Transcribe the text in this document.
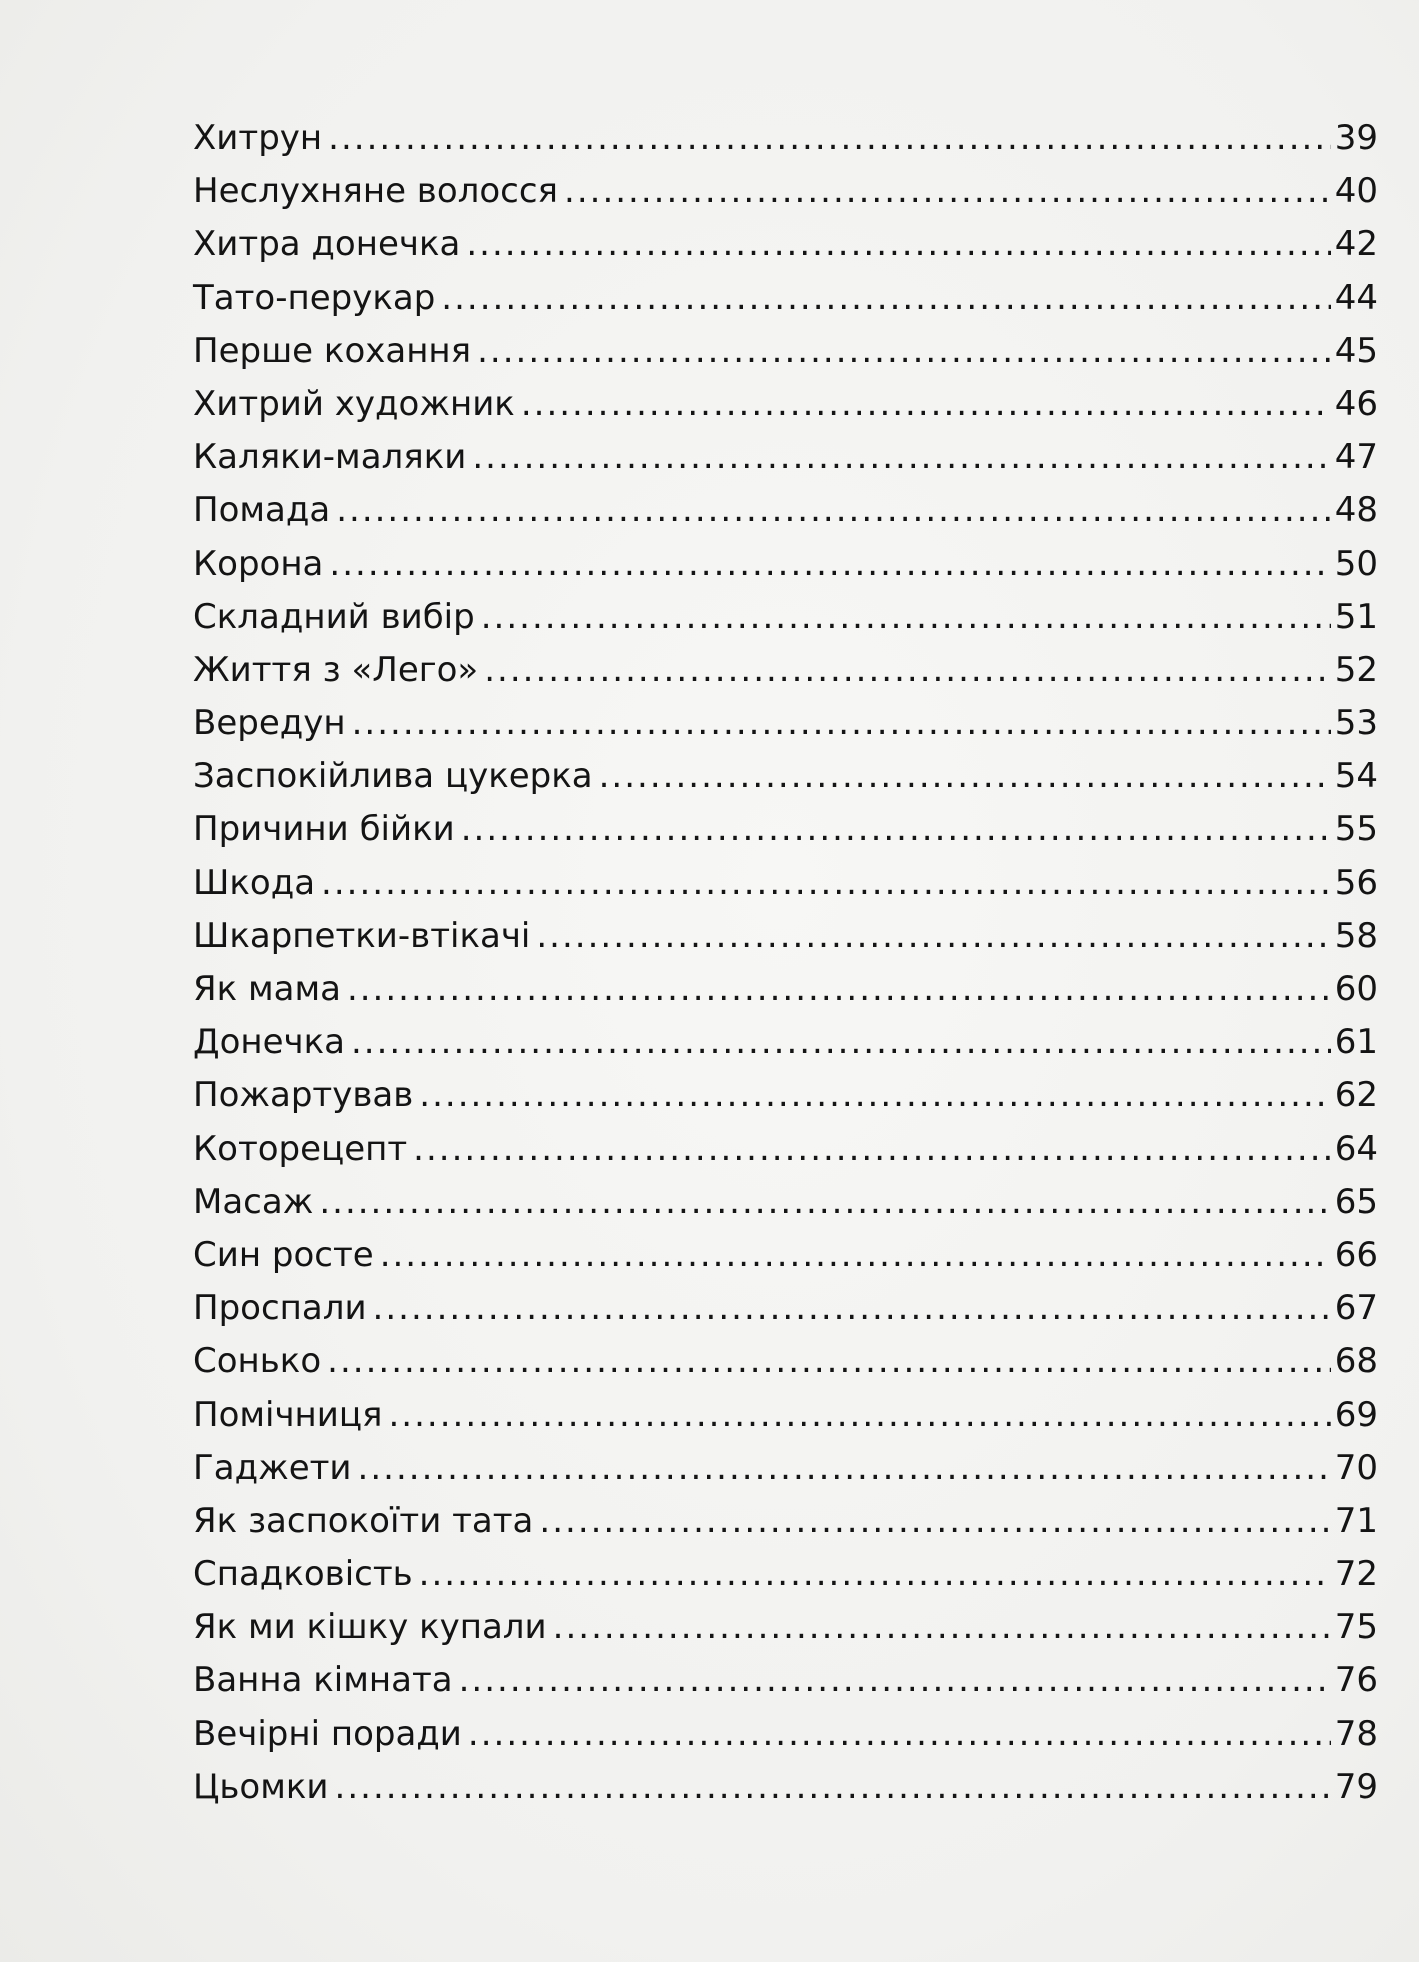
Хитрун .....	39
Неслухняне волосся .....	40
Хитра донечка .....	42
Тато-перукар .....	44
Перше кохання .....	45
Хитрий художник .....	46
Каляки-маляки .....	47
Помада .....	48
Корона .....	50
Складний вибір .....	51
Життя з «Лего» .....	52
Вередун .....	53
Заспокійлива цукерка .....	54
Причини бійки .....	55
Шкода .....	56
Шкарпетки-втікачі .....	58
Як мама .....	60
Донечка .....	61
Пожартував .....	62
Которецепт .....	64
Масаж .....	65
Син росте .....	66
Проспали .....	67
Сонько .....	68
Помічниця .....	69
Гаджети .....	70
Як заспокоїти тата .....	71
Спадковість .....	72
Як ми кішку купали .....	75
Ванна кімната .....	76
Вечірні поради .....	78
Цьомки .....	79
